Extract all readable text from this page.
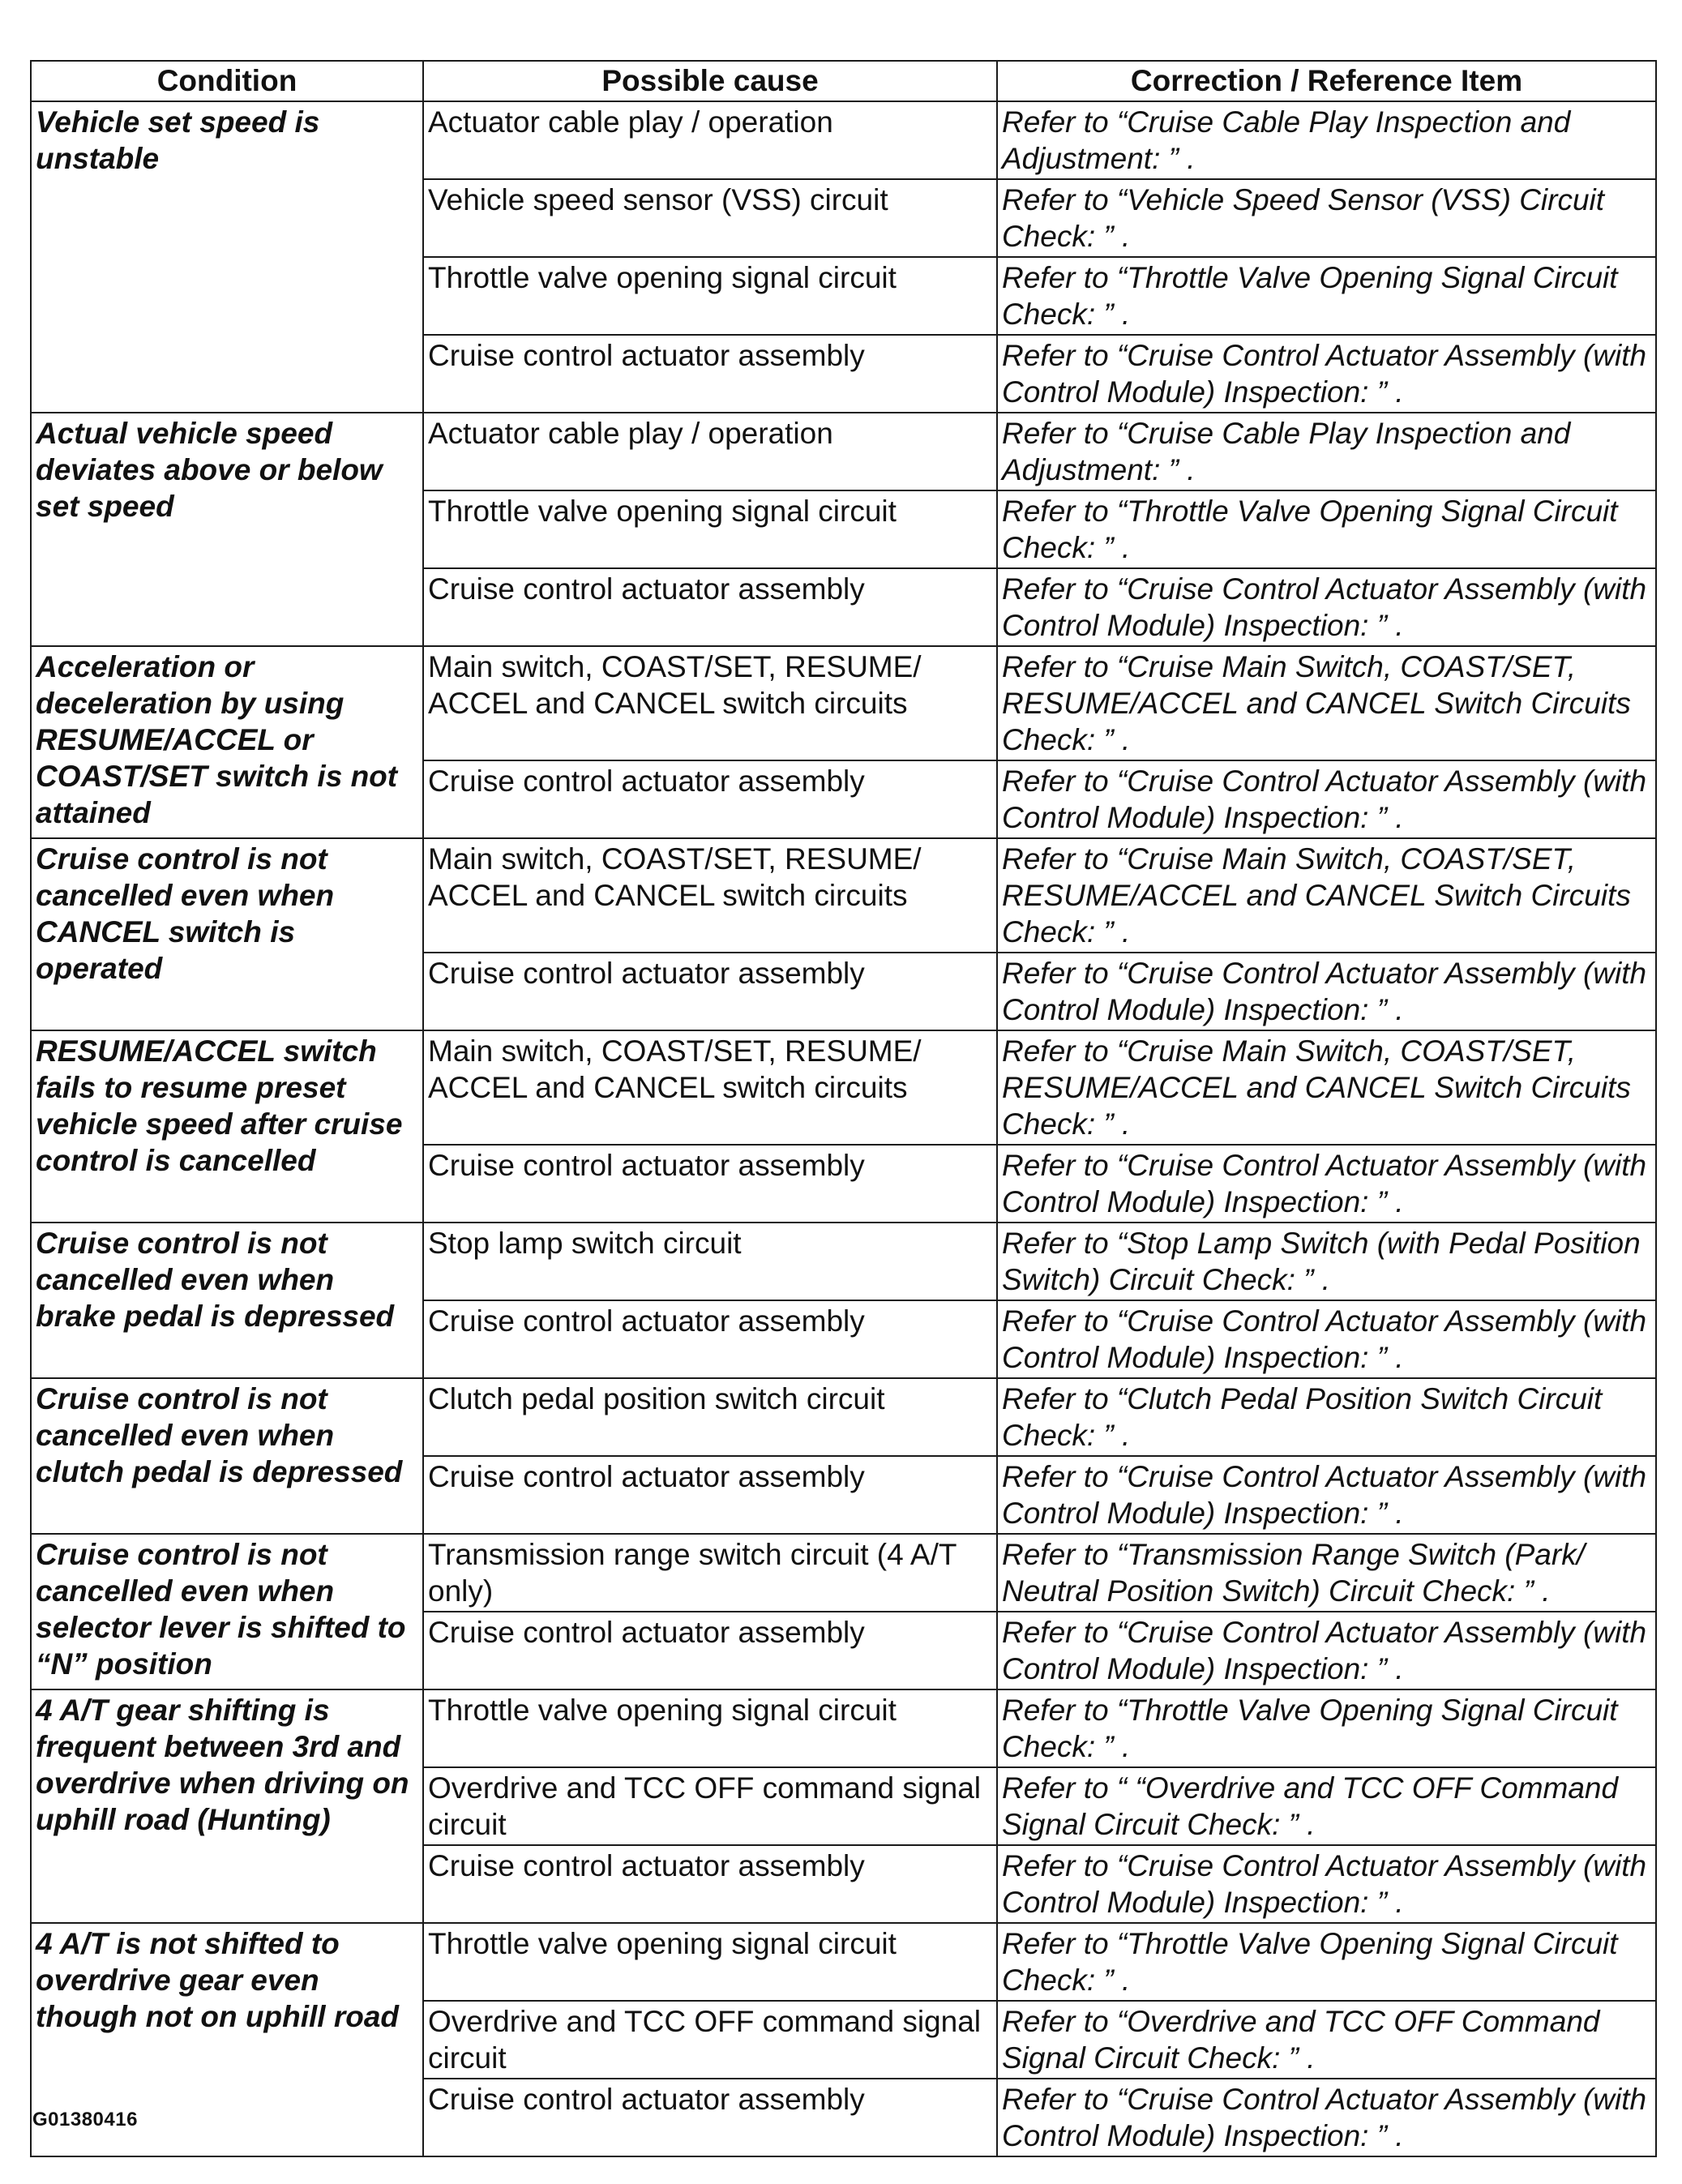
Condition	Possible cause	Correction / Reference Item
Vehicle set speed is unstable	Actuator cable play / operation	Refer to “Cruise Cable Play Inspection and Adjustment: ” .
	Vehicle speed sensor (VSS) circuit	Refer to “Vehicle Speed Sensor (VSS) Circuit Check: ” .
	Throttle valve opening signal circuit	Refer to “Throttle Valve Opening Signal Circuit Check: ” .
	Cruise control actuator assembly	Refer to “Cruise Control Actuator Assembly (with Control Module) Inspection: ” .
Actual vehicle speed deviates above or below set speed	Actuator cable play / operation	Refer to “Cruise Cable Play Inspection and Adjustment: ” .
	Throttle valve opening signal circuit	Refer to “Throttle Valve Opening Signal Circuit Check: ” .
	Cruise control actuator assembly	Refer to “Cruise Control Actuator Assembly (with Control Module) Inspection: ” .
Acceleration or deceleration by using RESUME/ACCEL or COAST/SET switch is not attained	Main switch, COAST/SET, RESUME/ ACCEL and CANCEL switch circuits	Refer to “Cruise Main Switch, COAST/SET, RESUME/ACCEL and CANCEL Switch Circuits Check: ” .
	Cruise control actuator assembly	Refer to “Cruise Control Actuator Assembly (with Control Module) Inspection: ” .
Cruise control is not cancelled even when CANCEL switch is operated	Main switch, COAST/SET, RESUME/ ACCEL and CANCEL switch circuits	Refer to “Cruise Main Switch, COAST/SET, RESUME/ACCEL and CANCEL Switch Circuits Check: ” .
	Cruise control actuator assembly	Refer to “Cruise Control Actuator Assembly (with Control Module) Inspection: ” .
RESUME/ACCEL switch fails to resume preset vehicle speed after cruise control is cancelled	Main switch, COAST/SET, RESUME/ ACCEL and CANCEL switch circuits	Refer to “Cruise Main Switch, COAST/SET, RESUME/ACCEL and CANCEL Switch Circuits Check: ” .
	Cruise control actuator assembly	Refer to “Cruise Control Actuator Assembly (with Control Module) Inspection: ” .
Cruise control is not cancelled even when brake pedal is depressed	Stop lamp switch circuit	Refer to “Stop Lamp Switch (with Pedal Position Switch) Circuit Check: ” .
	Cruise control actuator assembly	Refer to “Cruise Control Actuator Assembly (with Control Module) Inspection: ” .
Cruise control is not cancelled even when clutch pedal is depressed	Clutch pedal position switch circuit	Refer to “Clutch Pedal Position Switch Circuit Check: ” .
	Cruise control actuator assembly	Refer to “Cruise Control Actuator Assembly (with Control Module) Inspection: ” .
Cruise control is not cancelled even when selector lever is shifted to “N” position	Transmission range switch circuit (4 A/T only)	Refer to “Transmission Range Switch (Park/ Neutral Position Switch) Circuit Check: ” .
	Cruise control actuator assembly	Refer to “Cruise Control Actuator Assembly (with Control Module) Inspection: ” .
4 A/T gear shifting is frequent between 3rd and overdrive when driving on uphill road (Hunting)	Throttle valve opening signal circuit	Refer to “Throttle Valve Opening Signal Circuit Check: ” .
	Overdrive and TCC OFF command signal circuit	Refer to “ “Overdrive and TCC OFF Command Signal Circuit Check: ” .
	Cruise control actuator assembly	Refer to “Cruise Control Actuator Assembly (with Control Module) Inspection: ” .
4 A/T is not shifted to overdrive gear even though not on uphill road	Throttle valve opening signal circuit	Refer to “Throttle Valve Opening Signal Circuit Check: ” .
	Overdrive and TCC OFF command signal circuit	Refer to “Overdrive and TCC OFF Command Signal Circuit Check: ” .
	Cruise control actuator assembly	Refer to “Cruise Control Actuator Assembly (with Control Module) Inspection: ” .
G01380416
